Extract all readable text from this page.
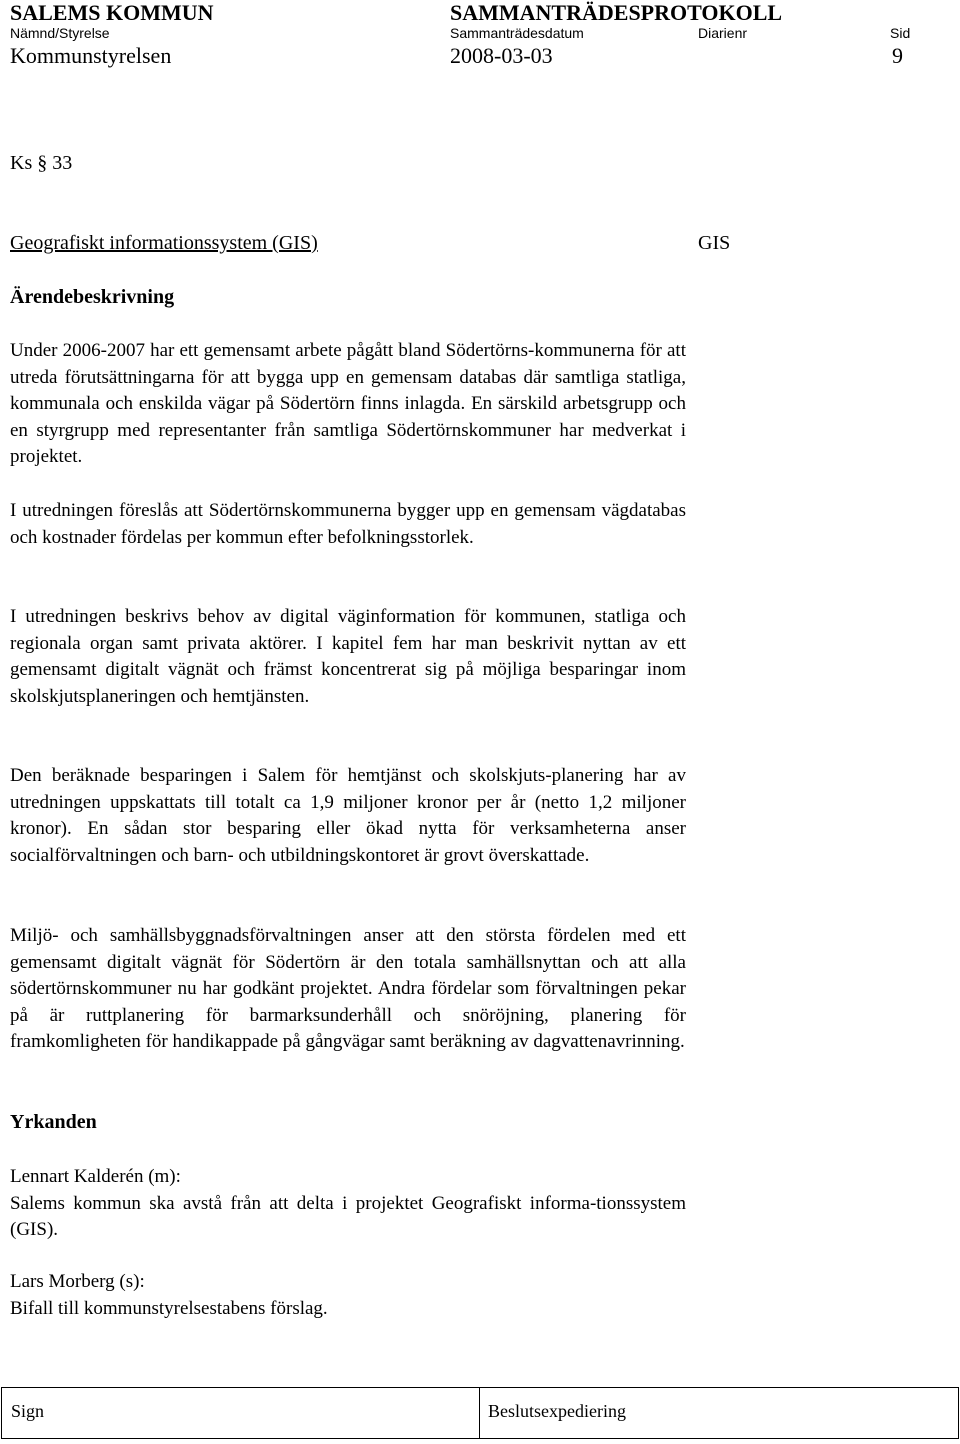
SALEMS KOMMUN	SAMMANTRÄDESPROTOKOLL
Nämnd/Styrelse	Sammanträdesdatum	Diarienr	Sid
Kommunstyrelsen	2008-03-03	9
Ks § 33
Geografiskt informationssystem (GIS)	GIS
Ärendebeskrivning

Under 2006-2007 har ett gemensamt arbete pågått bland Södertörns-kommunerna för att utreda förutsättningarna för att bygga upp en gemensam databas där samtliga statliga, kommunala och enskilda vägar på Södertörn finns inlagda. En särskild arbetsgrupp och en styrgrupp med representanter från samtliga Södertörnskommuner har medverkat i projektet.

I utredningen föreslås att Södertörnskommunerna bygger upp en gemensam vägdatabas och kostnader fördelas per kommun efter befolkningsstorlek.

I utredningen beskrivs behov av digital väginformation för kommunen, statliga och regionala organ samt privata aktörer. I kapitel fem har man beskrivit nyttan av ett gemensamt digitalt vägnät och främst koncentrerat sig på möjliga besparingar inom skolskjutsplaneringen och hemtjänsten.

Den beräknade besparingen i Salem för hemtjänst och skolskjuts-planering har av utredningen uppskattats till totalt ca 1,9 miljoner kronor per år (netto 1,2 miljoner kronor). En sådan stor besparing eller ökad nytta för verksamheterna anser socialförvaltningen och barn- och utbildningskontoret är grovt överskattade.

Miljö- och samhällsbyggnadsförvaltningen anser att den största fördelen med ett gemensamt digitalt vägnät för Södertörn är den totala samhällsnyttan och att alla södertörnskommuner nu har godkänt projektet. Andra fördelar som förvaltningen pekar på är ruttplanering för barmarksunderhåll och snöröjning, planering för framkomligheten för handikappade på gångvägar samt beräkning av dagvattenavrinning.

Yrkanden

Lennart Kalderén (m):

Salems kommun ska avstå från att delta i projektet Geografiskt informa-tionssystem (GIS).

Lars Morberg (s):

Bifall till kommunstyrelsestabens förslag.

Sign	Beslutsexpediering
